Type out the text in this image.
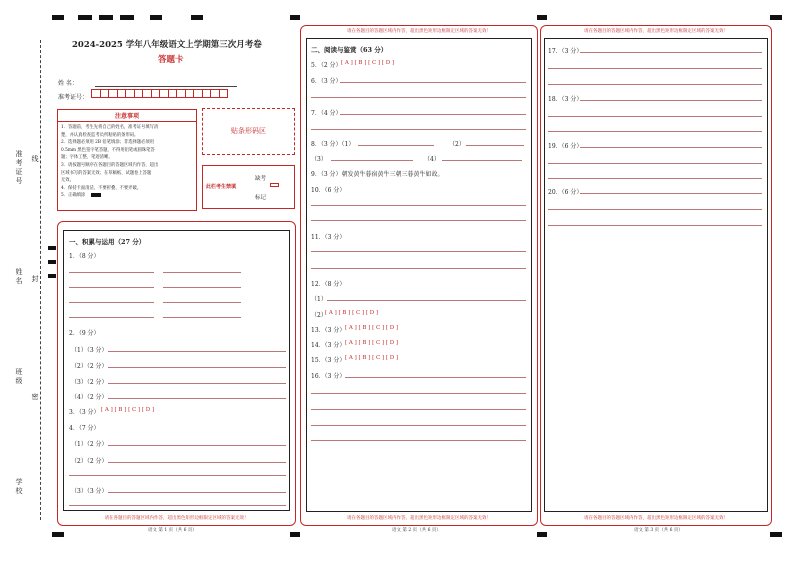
准考证号 线
姓名 封
班级
密
学校
2024-2025 学年八年级语文上学期第三次月考卷
答题卡
姓 名：
准考证号：
注意事项
1．答题前，考生先将自己的姓名，准考证号填写清
楚，并认真检查监考员所粘贴的条形码。
2．选择题必须用 2B 铅笔填涂；非选择题必须用
0.5mm 黑色签字笔答题，不得用铅笔或圆珠笔答
题；字体工整、笔迹清晰。
3．请按题号顺序在各题目的答题区域内作答，超出
区域书写的答案无效；在草稿纸、试题卷上答题
无效。
4．保持卡面清洁，不要折叠、不要弄破。
5．正确填涂
贴条形码区
此栏考生禁填
缺考
标记
一、积累与运用（27 分）
1．（8 分）
2．（9 分）
（1）（3 分）
（2）（2 分）
（3）（2 分）
（4）（2 分）
3．（3 分） [ A ] [ B ] [ C ] [ D ]
4．（7 分）
（1）（2 分）
（2）（2 分）
（3）（3 分）
请在各题目的答题区域内作答，超出黑色矩形边框限定区域的答案无效！
语文 第 1 页（共 6 页）
请在各题目的答题区域内作答，超出黑色矩形边框限定区域的答案无效！
二、阅读与鉴赏（63 分）
5．（2 分） [ A ] [ B ] [ C ] [ D ]
6．（3 分）
7．（4 分）
8．（3 分）（1）	（2）
（3）	（4）
9．（3 分）朝发黄牛暮宿黄牛三朝三暮黄牛如故。
10．（6 分）
11．（3 分）
12．（8 分）
（1）
（2）
[ A ] [ B ] [ C ] [ D ]
13．（3 分） [ A ] [ B ] [ C ] [ D ]
14．（3 分） [ A ] [ B ] [ C ] [ D ]
15．（3 分） [ A ] [ B ] [ C ] [ D ]
16．（3 分）
请在各题目的答题区域内作答，超出黑色矩形边框限定区域的答案无效！
语文 第 2 页（共 6 页）
请在各题目的答题区域内作答，超出黑色矩形边框限定区域的答案无效！
17．（3 分）
18．（3 分）
19．（6 分）
20．（6 分）
请在各题目的答题区域内作答，超出黑色矩形边框限定区域的答案无效！
语文 第 3 页（共 6 页）
